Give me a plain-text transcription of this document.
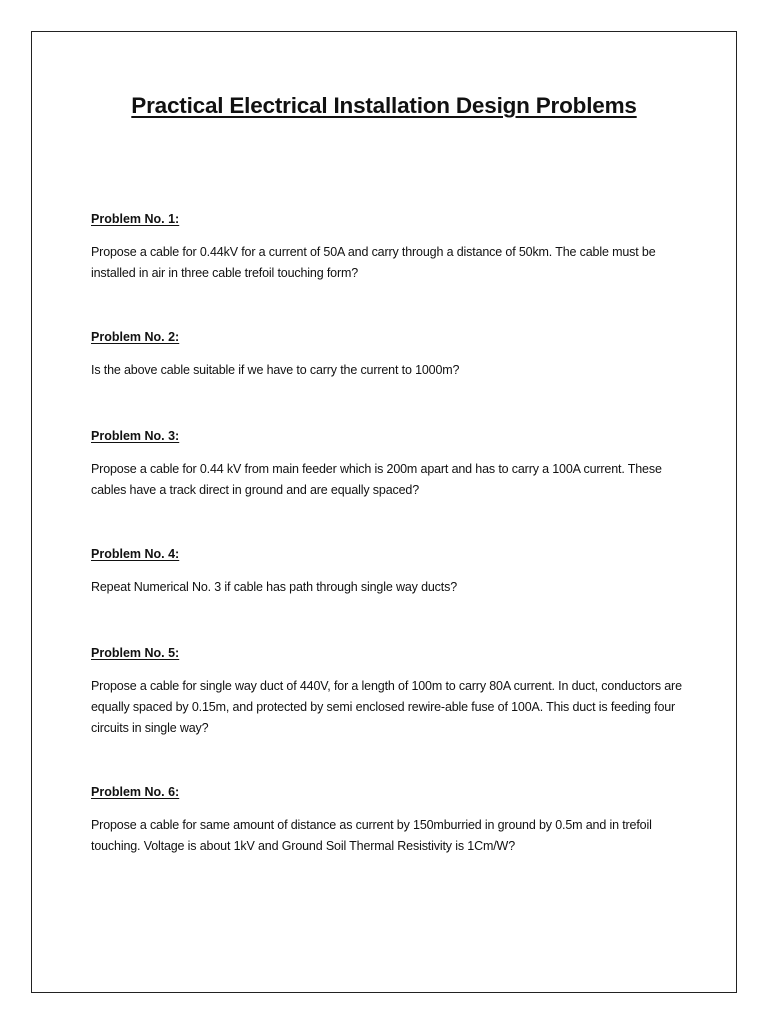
Practical Electrical Installation Design Problems

Problem No. 1:

Propose a cable for 0.44kV for a current of 50A and carry through a distance of 50km. The cable must be installed in air in three cable trefoil touching form?

Problem No. 2:

Is the above cable suitable if we have to carry the current to 1000m?

Problem No. 3:

Propose a cable for 0.44 kV from main feeder which is 200m apart and has to carry a 100A current. These cables have a track direct in ground and are equally spaced?

Problem No. 4:

Repeat Numerical No. 3 if cable has path through single way ducts?

Problem No. 5:

Propose a cable for single way duct of 440V, for a length of 100m to carry 80A current. In duct, conductors are equally spaced by 0.15m, and protected by semi enclosed rewire-able fuse of 100A. This duct is feeding four circuits in single way?

Problem No. 6:

Propose a cable for same amount of distance as current by 150mburried in ground by 0.5m and in trefoil touching. Voltage is about 1kV and Ground Soil Thermal Resistivity is 1Cm/W?
